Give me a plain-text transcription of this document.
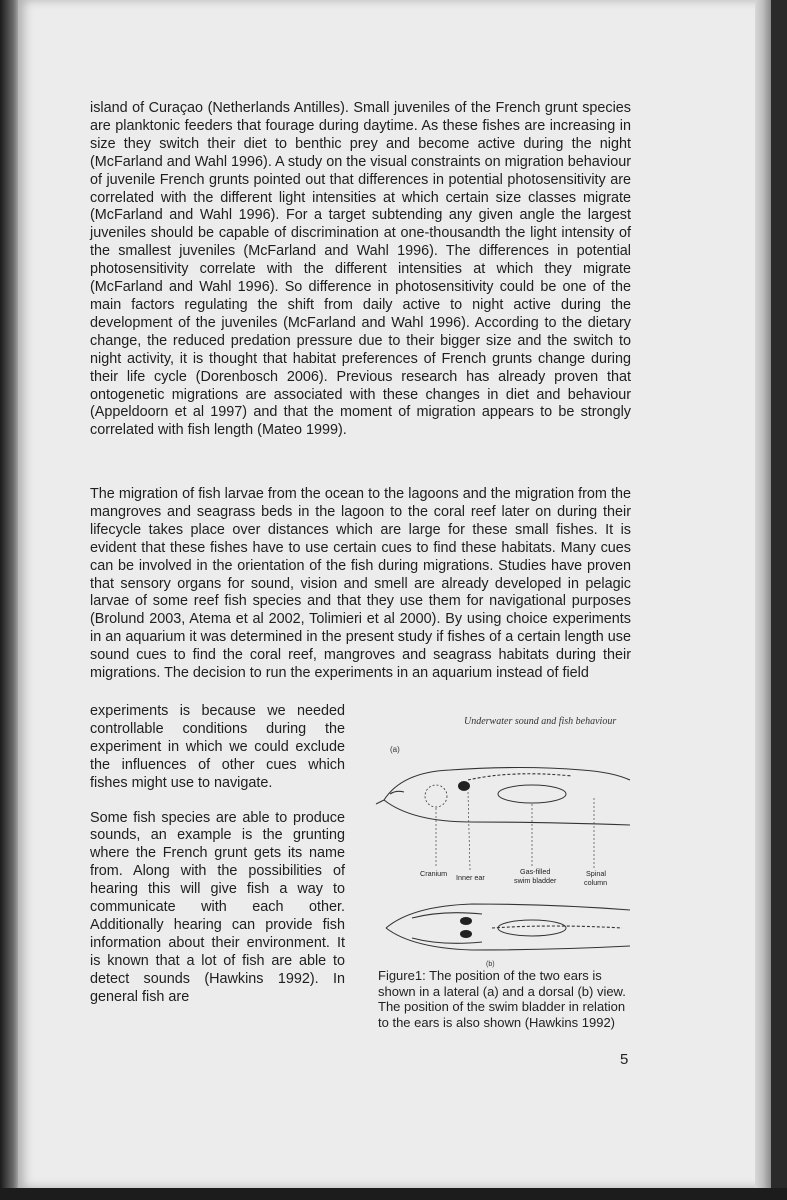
island of Curaçao (Netherlands Antilles). Small juveniles of the French grunt species are planktonic feeders that fourage during daytime. As these fishes are increasing in size they switch their diet to benthic prey and become active during the night (McFarland and Wahl 1996). A study on the visual constraints on migration behaviour of juvenile French grunts pointed out that differences in potential photosensitivity are correlated with the different light intensities at which certain size classes migrate (McFarland and Wahl 1996). For a target subtending any given angle the largest juveniles should be capable of discrimination at one-thousandth the light intensity of the smallest juveniles (McFarland and Wahl 1996). The differences in potential photosensitivity correlate with the different intensities at which they migrate (McFarland and Wahl 1996). So difference in photosensitivity could be one of the main factors regulating the shift from daily active to night active during the development of the juveniles (McFarland and Wahl 1996). According to the dietary change, the reduced predation pressure due to their bigger size and the switch to night activity, it is thought that habitat preferences of French grunts change during their life cycle (Dorenbosch 2006). Previous research has already proven that ontogenetic migrations are associated with these changes in diet and behaviour (Appeldoorn et al 1997) and that the moment of migration appears to be strongly correlated with fish length (Mateo 1999).

The migration of fish larvae from the ocean to the lagoons and the migration from the mangroves and seagrass beds in the lagoon to the coral reef later on during their lifecycle takes place over distances which are large for these small fishes. It is evident that these fishes have to use certain cues to find these habitats. Many cues can be involved in the orientation of the fish during migrations. Studies have proven that sensory organs for sound, vision and smell are already developed in pelagic larvae of some reef fish species and that they use them for navigational purposes (Brolund 2003, Atema et al 2002, Tolimieri et al 2000). By using choice experiments in an aquarium it was determined in the present study if fishes of a certain length use sound cues to find the coral reef, mangroves and seagrass habitats during their migrations. The decision to run the experiments in an aquarium instead of field

experiments is because we needed controllable conditions during the experiment in which we could exclude the influences of other cues which fishes might use to navigate.

Some fish species are able to produce sounds, an example is the grunting where the French grunt gets its name from. Along with the possibilities of hearing this will give fish a way to communicate with each other. Additionally hearing can provide fish information about their environment. It is known that a lot of fish are able to detect sounds (Hawkins 1992). In general fish are

Underwater sound and fish behaviour
(a)
Cranium Inner ear
Gas-filled
swim bladder
Spinal
column
(b)
Figure1: The position of the two ears is shown in a lateral (a) and a dorsal (b) view. The position of the swim bladder in relation to the ears is also shown (Hawkins 1992)
5
